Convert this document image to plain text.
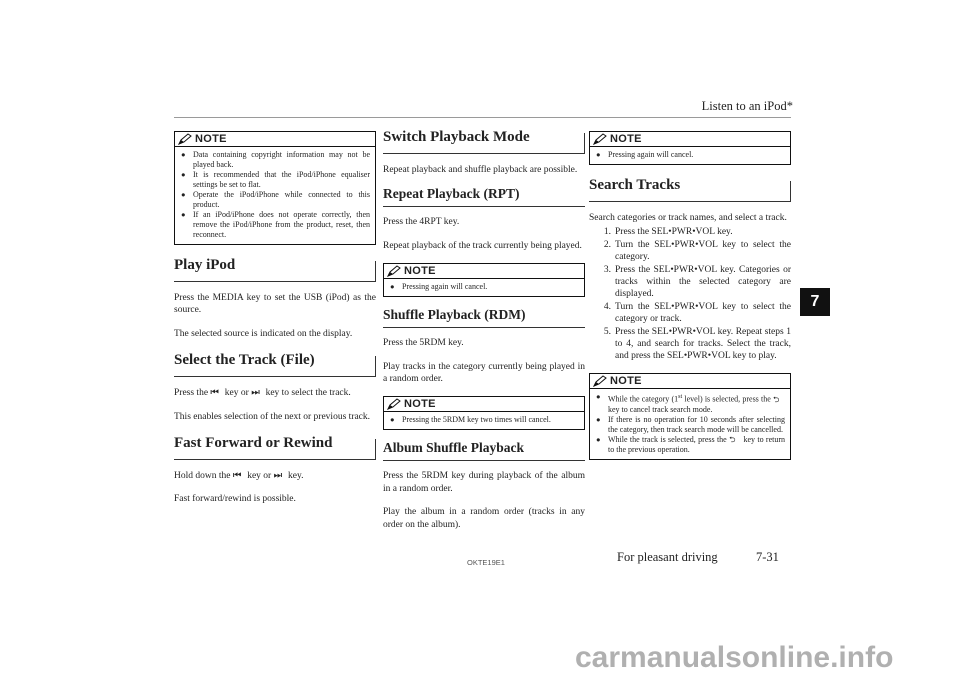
Listen to an iPod*
7
NOTE
● Data containing copyright information may not be played back.
● It is recommended that the iPod/iPhone equaliser settings be set to flat.
● Operate the iPod/iPhone while connected to this product.
● If an iPod/iPhone does not operate correctly, then remove the iPod/iPhone from the product, reset, then reconnect.
Play iPod

Press the MEDIA key to set the USB (iPod) as the source.

The selected source is indicated on the display.

Select the Track (File)

Press the ⏮ key or ⏭ key to select the track.

This enables selection of the next or previous track.

Fast Forward or Rewind

Hold down the ⏮ key or ⏭ key.

Fast forward/rewind is possible.

Switch Playback Mode

Repeat playback and shuffle playback are possible.

Repeat Playback (RPT)

Press the 4RPT key.

Repeat playback of the track currently being played.

NOTE
● Pressing again will cancel.
Shuffle Playback (RDM)

Press the 5RDM key.

Play tracks in the category currently being played in a random order.

NOTE
● Pressing the 5RDM key two times will cancel.
Album Shuffle Playback

Press the 5RDM key during playback of the album in a random order.

Play the album in a random order (tracks in any order on the album).

NOTE
● Pressing again will cancel.
Search Tracks

Search categories or track names, and select a track.

1. Press the SEL•PWR•VOL key.
2. Turn the SEL•PWR•VOL key to select the category.
3. Press the SEL•PWR•VOL key. Categories or tracks within the selected category are displayed.
4. Turn the SEL•PWR•VOL key to select the category or track.
5. Press the SEL•PWR•VOL key. Repeat steps 1 to 4, and search for tracks. Select the track, and press the SEL•PWR•VOL key to play.
NOTE
● While the category (1st level) is selected, press the ⮌ key to cancel track search mode.
● If there is no operation for 10 seconds after selecting the category, then track search mode will be cancelled.
● While the track is selected, press the ⮌ key to return to the previous operation.
OKTE19E1	For pleasant driving	7-31
carmanualsonline.info
